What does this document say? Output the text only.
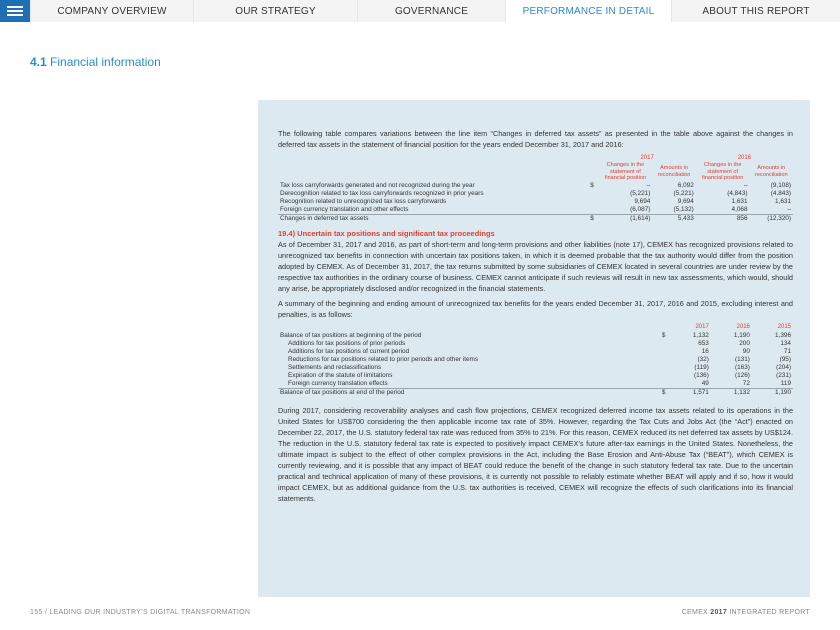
COMPANY OVERVIEW	OUR STRATEGY	GOVERNANCE	PERFORMANCE IN DETAIL	ABOUT THIS REPORT
4.1 Financial information

The following table compares variations between the line item “Changes in deferred tax assets” as presented in the table above against the changes in deferred tax assets in the statement of financial position for the years ended December 31, 2017 and 2016:

		2017		2016	
		Changes in the statement of financial position	Amounts in reconciliation	Changes in the statement of financial position	Amounts in reconciliation
Tax loss carryforwards generated and not recognized during the year	$	–	6,092	–	(9,108)
Derecognition related to tax loss carryforwards recognized in prior years		(5,221)	(5,221)	(4,843)	(4,843)
Recognition related to unrecognized tax loss carryforwards		9,694	9,694	1,631	1,631
Foreign currency translation and other effects		(6,087)	(5,132)	4,068	–
Changes in deferred tax assets	$	(1,614)	5,433	856	(12,320)
19.4) Uncertain tax positions and significant tax proceedings

As of December 31, 2017 and 2016, as part of short-term and long-term provisions and other liabilities (note 17), CEMEX has recognized provisions related to unrecognized tax benefits in connection with uncertain tax positions taken, in which it is deemed probable that the tax authority would differ from the position adopted by CEMEX. As of December 31, 2017, the tax returns submitted by some subsidiaries of CEMEX located in several countries are under review by the respective tax authorities in the ordinary course of business. CEMEX cannot anticipate if such reviews will result in new tax assessments, which would, should any arise, be appropriately disclosed and/or recognized in the financial statements.

A summary of the beginning and ending amount of unrecognized tax benefits for the years ended December 31, 2017, 2016 and 2015, excluding interest and penalties, is as follows:

		2017	2016	2015
Balance of tax positions at beginning of the period	$	1,132	1,190	1,396
Additions for tax positions of prior periods		653	200	134
Additions for tax positions of current period		16	90	71
Reductions for tax positions related to prior periods and other items		(32)	(131)	(95)
Settlements and reclassifications		(119)	(163)	(204)
Expiration of the statute of limitations		(136)	(126)	(231)
Foreign currency translation effects		49	72	119
Balance of tax positions at end of the period	$	1,571	1,132	1,190

During 2017, considering recoverability analyses and cash flow projections, CEMEX recognized deferred income tax assets related to its operations in the United States for US$700 considering the then applicable income tax rate of 35%. However, regarding the Tax Cuts and Jobs Act (the “Act”) enacted on December 22, 2017, the U.S. statutory federal tax rate was reduced from 35% to 21%. For this reason, CEMEX reduced its net deferred tax assets by US$124. The reduction in the U.S. statutory federal tax rate is expected to positively impact CEMEX’s future after-tax earnings in the United States. Nonetheless, the ultimate impact is subject to the effect of other complex provisions in the Act, including the Base Erosion and Anti-Abuse Tax (“BEAT”), which CEMEX is currently reviewing, and it is possible that any impact of BEAT could reduce the benefit of the change in such statutory federal tax rate. Due to the uncertain practical and technical application of many of these provisions, it is currently not possible to reliably estimate whether BEAT will apply and if so, how it would impact CEMEX, but as additional guidance from the U.S. tax authorities is received, CEMEX will recognize the effects of such clarifications into its financial statements.

155 / LEADING OUR INDUSTRY’S DIGITAL TRANSFORMATION	CEMEX 2017 INTEGRATED REPORT
